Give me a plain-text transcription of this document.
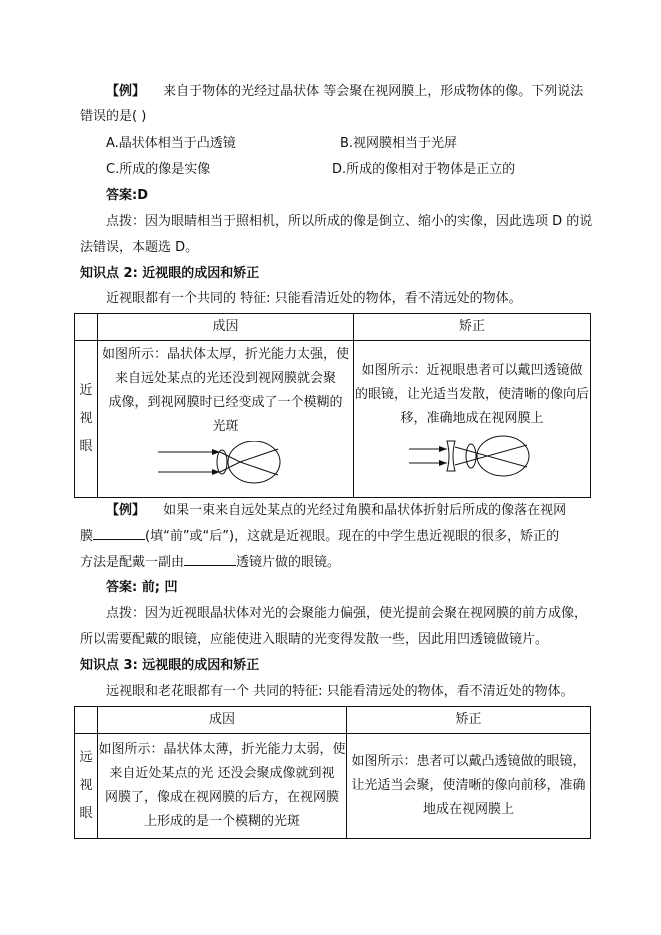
【例】 来自于物体的光经过晶状体 等会聚在视网膜上，形成物体的像。下列说法
错误的是( )
A.晶状体相当于凸透镜	B.视网膜相当于光屏
C.所成的像是实像	D.所成的像相对于物体是正立的
答案:D
点拨：因为眼睛相当于照相机，所以所成的像是倒立、缩小的实像，因此选项 D 的说
法错误，本题选 D。
知识点 2: 近视眼的成因和矫正
近视眼都有一个共同的 特征: 只能看清近处的物体，看不清远处的物体。
	成因	矫正

近视眼	如图所示：晶状体太厚，折光能力太强，使
来自远处某点的光还没到视网膜就会聚
成像，到视网膜时已经变成了一个模糊的
光斑	如图所示：近视眼患者可以戴凹透镜做
的眼镜，让光适当发散，使清晰的像向后
移，准确地成在视网膜上
【例】 如果一束来自远处某点的光经过角膜和晶状体折射后所成的像落在视网
膜	(填“前”或“后”)，这就是近视眼。现在的中学生患近视眼的很多，矫正的
方法是配戴一副由	透镜片做的眼镜。
答案: 前; 凹
点拨：因为近视眼晶状体对光的会聚能力偏强，使光提前会聚在视网膜的前方成像，
所以需要配戴的眼镜，应能使进入眼睛的光变得发散一些，因此用凹透镜做镜片。
知识点 3: 远视眼的成因和矫正
远视眼和老花眼都有一个 共同的特征: 只能看清远处的物体，看不清近处的物体。
	成因	矫正

远视眼	如图所示：晶状体太薄，折光能力太弱，使
来自近处某点的光 还没会聚成像就到视
网膜了，像成在视网膜的后方，在视网膜
上形成的是一个模糊的光斑	如图所示：患者可以戴凸透镜做的眼镜，
让光适当会聚，使清晰的像向前移，准确
地成在视网膜上
